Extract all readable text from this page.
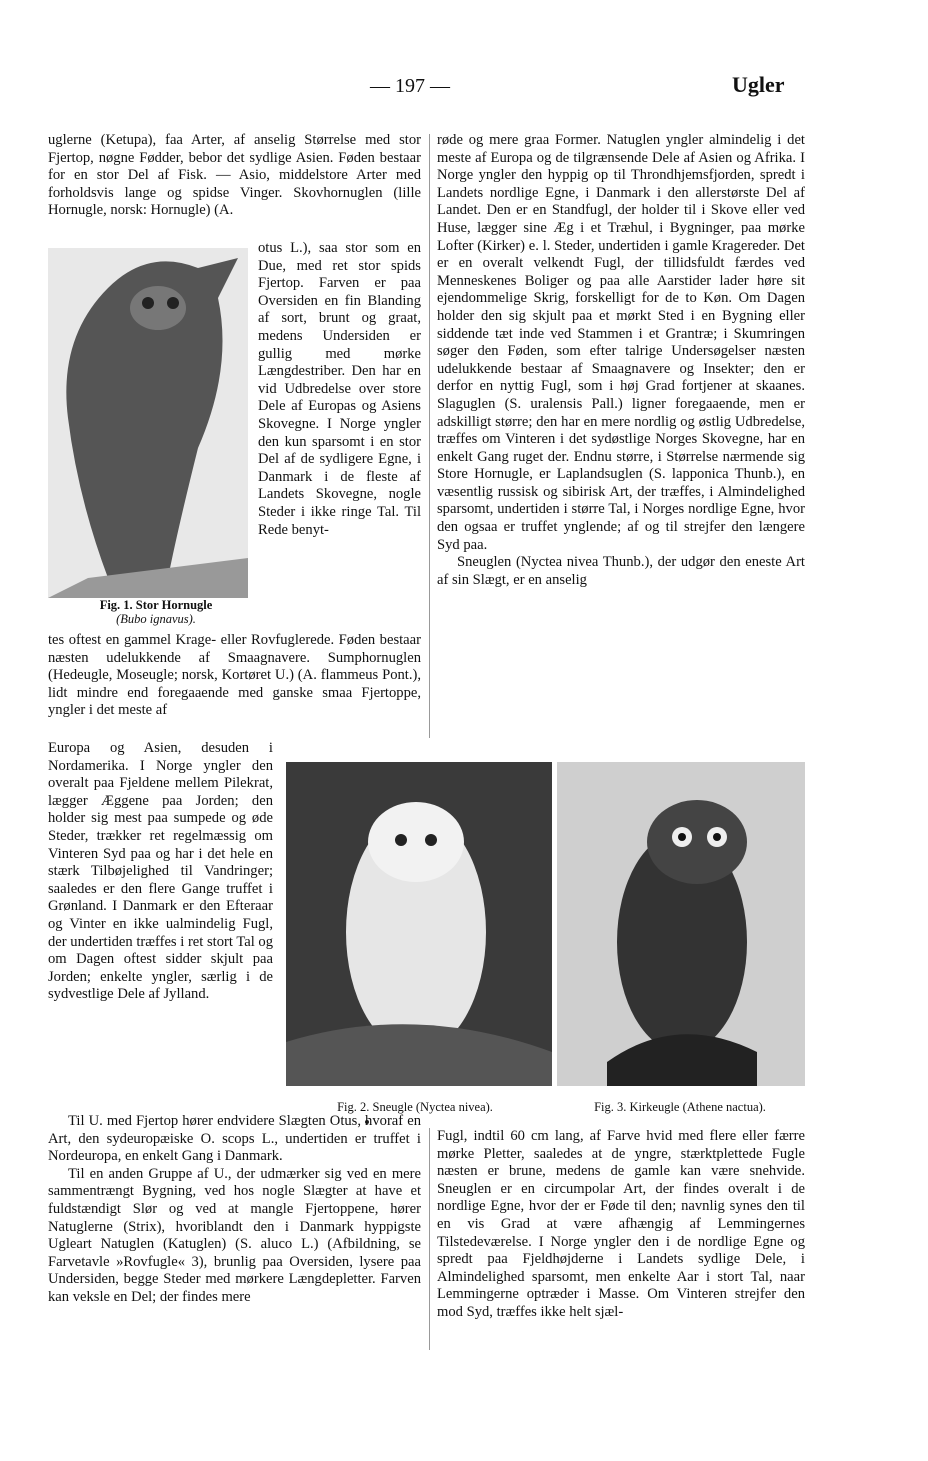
— 197 —	Ugler

uglerne (Ketupa), faa Arter, af anselig Størrelse med stor Fjertop, nøgne Fødder, bebor det sydlige Asien. Føden bestaar for en stor Del af Fisk. — Asio, middelstore Arter med forholdsvis lange og spidse Vinger. Skovhornuglen (lille Hornugle, norsk: Hornugle) (A.

otus L.), saa stor som en Due, med ret stor spids Fjertop. Farven er paa Oversiden en fin Blanding af sort, brunt og graat, medens Undersiden er gullig med mørke Længdestriber. Den har en vid Udbredelse over store Dele af Europas og Asiens Skovegne. I Norge yngler den kun sparsomt i en stor Del af de sydligere Egne, i Danmark i de fleste af Landets Skovegne, nogle Steder i ikke ringe Tal. Til Rede benyt-
Fig. 1. Stor Hornugle
(Bubo ignavus).

tes oftest en gammel Krage- eller Rovfuglerede. Føden bestaar næsten udelukkende af Smaagnavere. Sumphornuglen (Hedeugle, Moseugle; norsk, Kortøret U.) (A. flammeus Pont.), lidt mindre end foregaaende med ganske smaa Fjertoppe, yngler i det meste af

Europa og Asien, desuden i Nordamerika. I Norge yngler den overalt paa Fjeldene mellem Pilekrat, lægger Æggene paa Jorden; den holder sig mest paa sumpede og øde Steder, trækker ret regelmæssig om Vinteren Syd paa og har i det hele en stærk Tilbøjelighed til Vandringer; saaledes er den flere Gange truffet i Grønland. I Danmark er den Efteraar og Vinter en ikke ualmindelig Fugl, der undertiden træffes i ret stort Tal og om Dagen oftest sidder skjult paa Jorden; enkelte yngler, særlig i de sydvestlige Dele af Jylland.

røde og mere graa Former. Natuglen yngler almindelig i det meste af Europa og de tilgrænsende Dele af Asien og Afrika. I Norge yngler den hyppig op til Throndhjemsfjorden, spredt i Landets nordlige Egne, i Danmark i den allerstørste Del af Landet. Den er en Standfugl, der holder til i Skove eller ved Huse, lægger sine Æg i et Træhul, i Bygninger, paa mørke Lofter (Kirker) e. l. Steder, undertiden i gamle Kragereder. Det er en overalt velkendt Fugl, der tillidsfuldt færdes ved Menneskenes Boliger og paa alle Aarstider lader høre sit ejendommelige Skrig, forskelligt for de to Køn. Om Dagen holder den sig skjult paa et mørkt Sted i en Bygning eller siddende tæt inde ved Stammen i et Grantræ; i Skumringen søger den Føden, som efter talrige Undersøgelser næsten udelukkende bestaar af Smaagnavere og Insekter; den er derfor en nyttig Fugl, som i høj Grad fortjener at skaanes. Slaguglen (S. uralensis Pall.) ligner foregaaende, men er adskilligt større; den har en mere nordlig og østlig Udbredelse, træffes om Vinteren i det sydøstlige Norges Skovegne, har en enkelt Gang ruget der. Endnu større, i Størrelse nærmende sig Store Hornugle, er Laplandsuglen (S. lapponica Thunb.), en væsentlig russisk og sibirisk Art, der træffes, i Almindelighed sparsomt, undertiden i større Tal, i Norges nordlige Egne, hvor den ogsaa er truffet ynglende; af og til strejfer den længere Syd paa.

Sneuglen (Nyctea nivea Thunb.), der udgør den eneste Art af sin Slægt, er en anselig

Fig. 2. Sneugle (Nyctea nivea).	Fig. 3. Kirkeugle (Athene nactua).

Til U. med Fjertop hører endvidere Slægten Otus, hvoraf en Art, den sydeuropæiske O. scops L., undertiden er truffet i Nordeuropa, en enkelt Gang i Danmark.

Til en anden Gruppe af U., der udmærker sig ved en mere sammentrængt Bygning, ved hos nogle Slægter at have et fuldstændigt Slør og ved at mangle Fjertoppene, hører Natuglerne (Strix), hvoriblandt den i Danmark hyppigste Ugleart Natuglen (Katuglen) (S. aluco L.) (Afbildning, se Farvetavle »Rovfugle« 3), brunlig paa Oversiden, lysere paa Undersiden, begge Steder med mørkere Længdepletter. Farven kan veksle en Del; der findes mere

Fugl, indtil 60 cm lang, af Farve hvid med flere eller færre mørke Pletter, saaledes at de yngre, stærktplettede Fugle næsten er brune, medens de gamle kan være snehvide. Sneuglen er en circumpolar Art, der findes overalt i de nordlige Egne, hvor der er Føde til den; navnlig synes den til en vis Grad at være afhængig af Lemmingernes Tilstedeværelse. I Norge yngler den i de nordlige Egne og spredt paa Fjeldhøjderne i Landets sydlige Dele, i Almindelighed sparsomt, men enkelte Aar i stort Tal, naar Lemmingerne optræder i Masse. Om Vinteren strejfer den mod Syd, træffes ikke helt sjæl-
